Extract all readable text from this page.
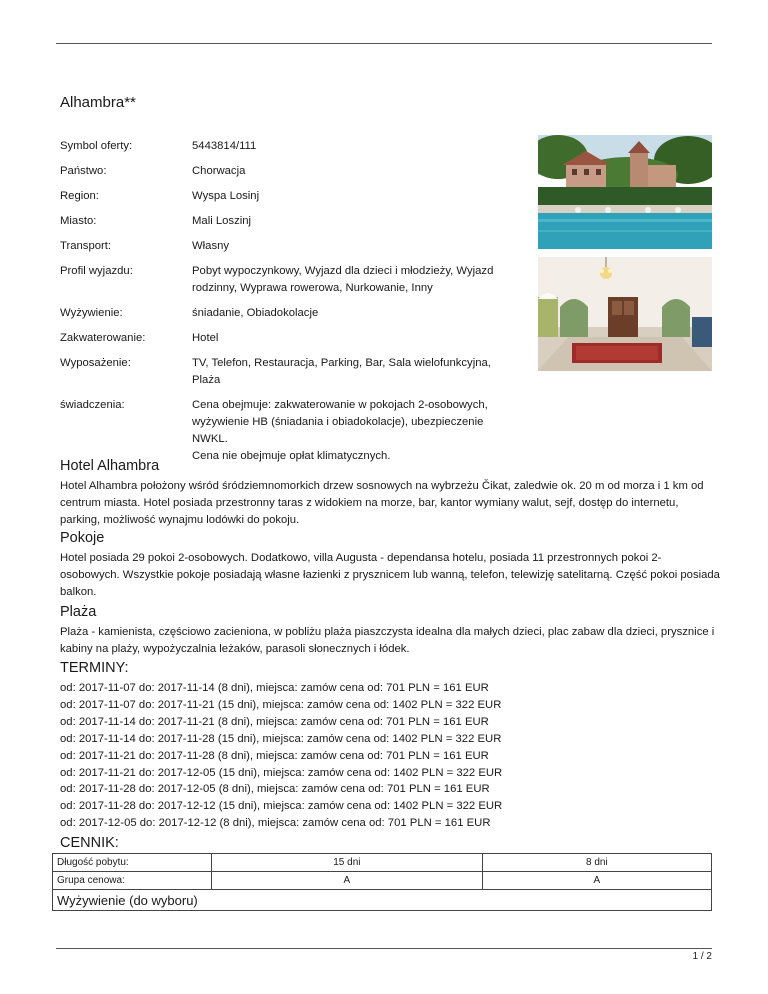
Alhambra**
Symbol oferty:	5443814/111
Państwo:	Chorwacja
Region:	Wyspa Losinj
Miasto:	Mali Loszinj
Transport:	Własny
Profil wyjazdu:	Pobyt wypoczynkowy, Wyjazd dla dzieci i młodzieży, Wyjazd rodzinny, Wyprawa rowerowa, Nurkowanie, Inny
Wyżywienie:	śniadanie, Obiadokolacje
Zakwaterowanie:	Hotel
Wyposażenie:	TV, Telefon, Restauracja, Parking, Bar, Sala wielofunkcyjna, Plaża
świadczenia:	Cena obejmuje: zakwaterowanie w pokojach 2-osobowych, wyżywienie HB (śniadania i obiadokolacje), ubezpieczenie NWKL.
Cena nie obejmuje opłat klimatycznych.
Hotel Alhambra
Hotel Alhambra położony wśród śródziemnomorkich drzew sosnowych na wybrzeżu Čikat, zaledwie ok. 20 m od morza i 1 km od centrum miasta. Hotel posiada przestronny taras z widokiem na morze, bar, kantor wymiany walut, sejf, dostęp do internetu, parking, możliwość wynajmu lodówki do pokoju.
Pokoje
Hotel posiada 29 pokoi 2-osobowych. Dodatkowo, villa Augusta - dependansa hotelu, posiada 11 przestronnych pokoi 2-osobowych. Wszystkie pokoje posiadają własne łazienki z prysznicem lub wanną, telefon, telewizję satelitarną. Część pokoi posiada balkon.
Plaża
Plaża - kamienista, częściowo zacieniona, w pobliżu plaża piaszczysta idealna dla małych dzieci, plac zabaw dla dzieci, prysznice i kabiny na plaży, wypożyczalnia leżaków, parasoli słonecznych i łódek.
TERMINY:
od: 2017-11-07 do: 2017-11-14 (8 dni), miejsca: zamów cena od: 701 PLN = 161 EUR
od: 2017-11-07 do: 2017-11-21 (15 dni), miejsca: zamów cena od: 1402 PLN = 322 EUR
od: 2017-11-14 do: 2017-11-21 (8 dni), miejsca: zamów cena od: 701 PLN = 161 EUR
od: 2017-11-14 do: 2017-11-28 (15 dni), miejsca: zamów cena od: 1402 PLN = 322 EUR
od: 2017-11-21 do: 2017-11-28 (8 dni), miejsca: zamów cena od: 701 PLN = 161 EUR
od: 2017-11-21 do: 2017-12-05 (15 dni), miejsca: zamów cena od: 1402 PLN = 322 EUR
od: 2017-11-28 do: 2017-12-05 (8 dni), miejsca: zamów cena od: 701 PLN = 161 EUR
od: 2017-11-28 do: 2017-12-12 (15 dni), miejsca: zamów cena od: 1402 PLN = 322 EUR
od: 2017-12-05 do: 2017-12-12 (8 dni), miejsca: zamów cena od: 701 PLN = 161 EUR
CENNIK:
Długość pobytu:	15 dni	8 dni
Grupa cenowa:	A	A
Wyżywienie (do wyboru)		
1 / 2
